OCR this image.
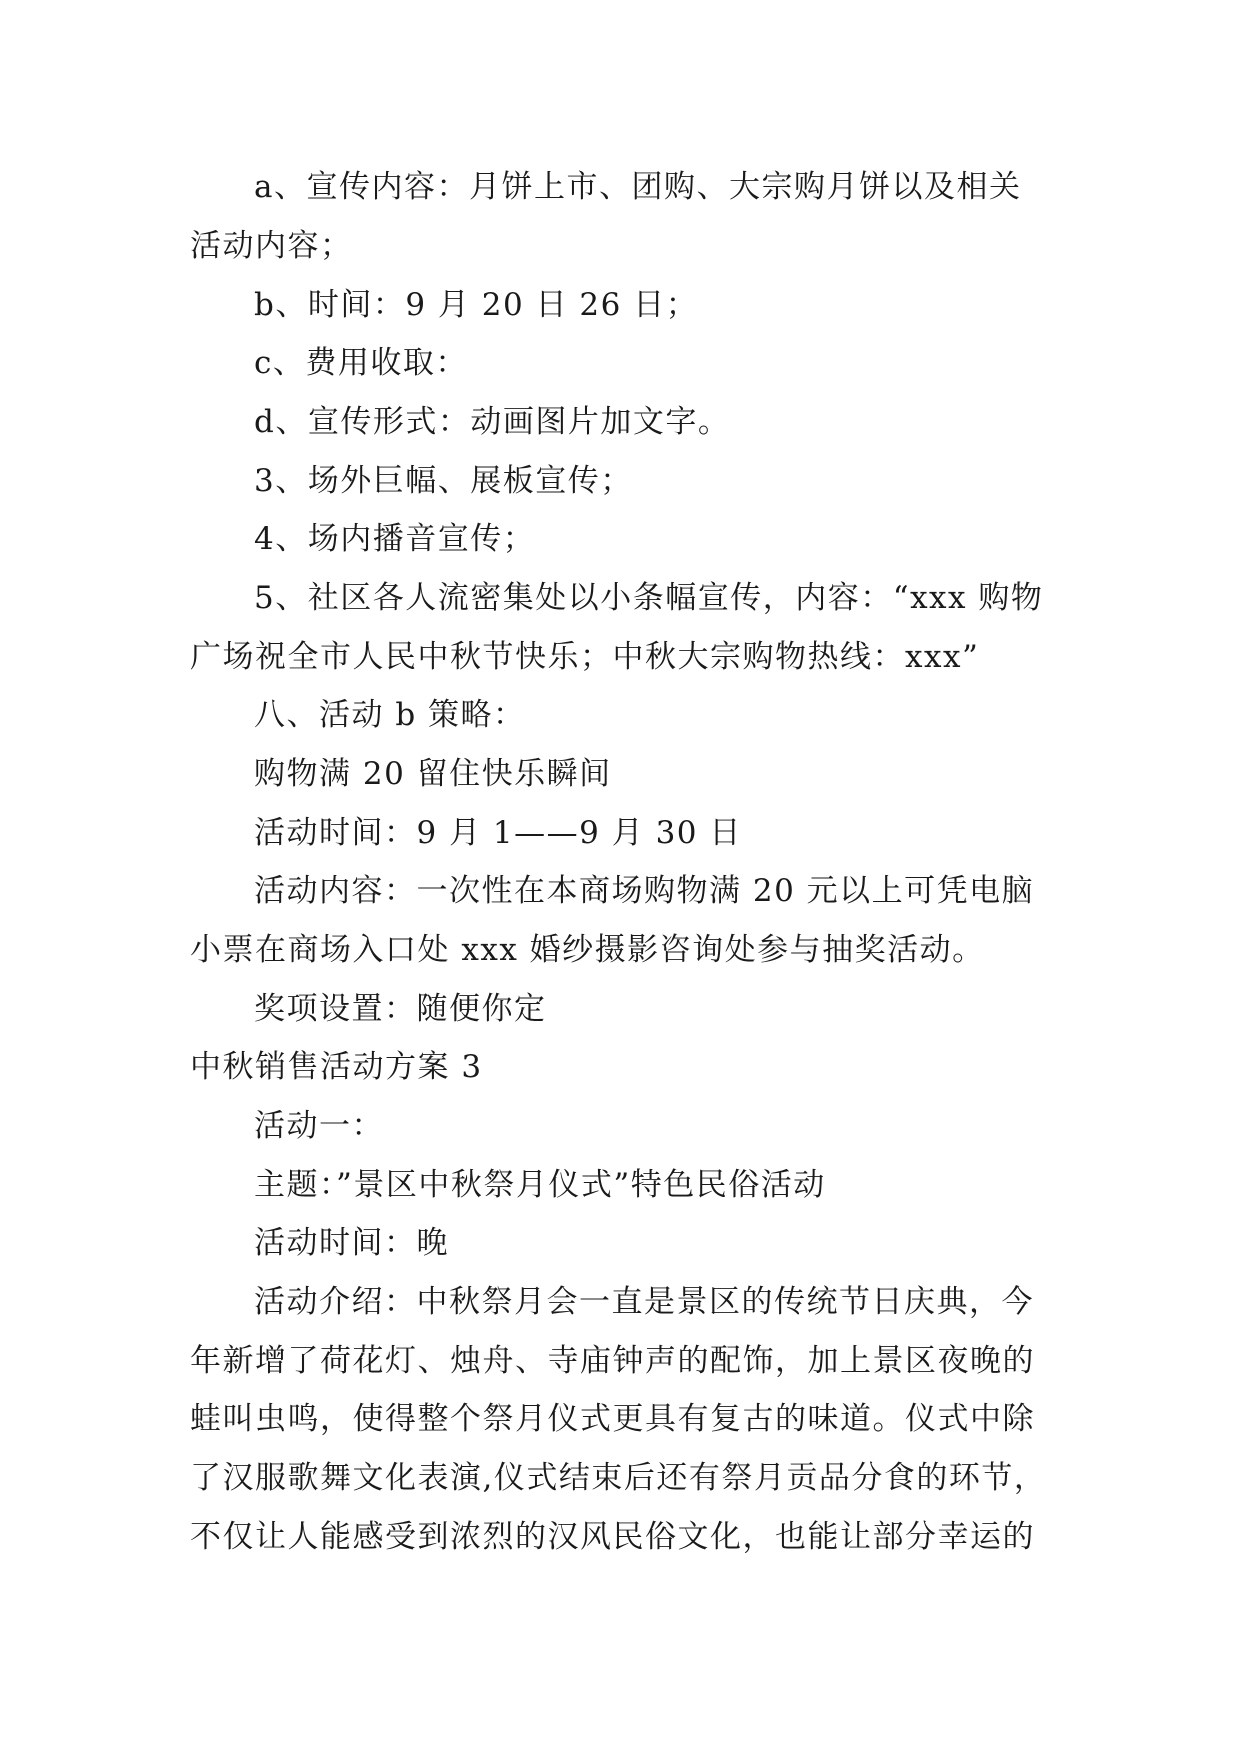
a、宣传内容：月饼上市、团购、大宗购月饼以及相关
活动内容；
b、时间：9 月 20 日 26 日；
c、费用收取：
d、宣传形式：动画图片加文字。
3、场外巨幅、展板宣传；
4、场内播音宣传；
5、社区各人流密集处以小条幅宣传，内容：“xxx 购物
广场祝全市人民中秋节快乐；中秋大宗购物热线：xxx”
八、活动 b 策略：
购物满 20 留住快乐瞬间
活动时间：9 月 1——9 月 30 日
活动内容：一次性在本商场购物满 20 元以上可凭电脑
小票在商场入口处 xxx 婚纱摄影咨询处参与抽奖活动。
奖项设置：随便你定
中秋销售活动方案 3
活动一：
主题：”景区中秋祭月仪式”特色民俗活动
活动时间：晚
活动介绍：中秋祭月会一直是景区的传统节日庆典，今
年新增了荷花灯、烛舟、寺庙钟声的配饰，加上景区夜晚的
蛙叫虫鸣，使得整个祭月仪式更具有复古的味道。仪式中除
了汉服歌舞文化表演,仪式结束后还有祭月贡品分食的环节，
不仅让人能感受到浓烈的汉风民俗文化，也能让部分幸运的
